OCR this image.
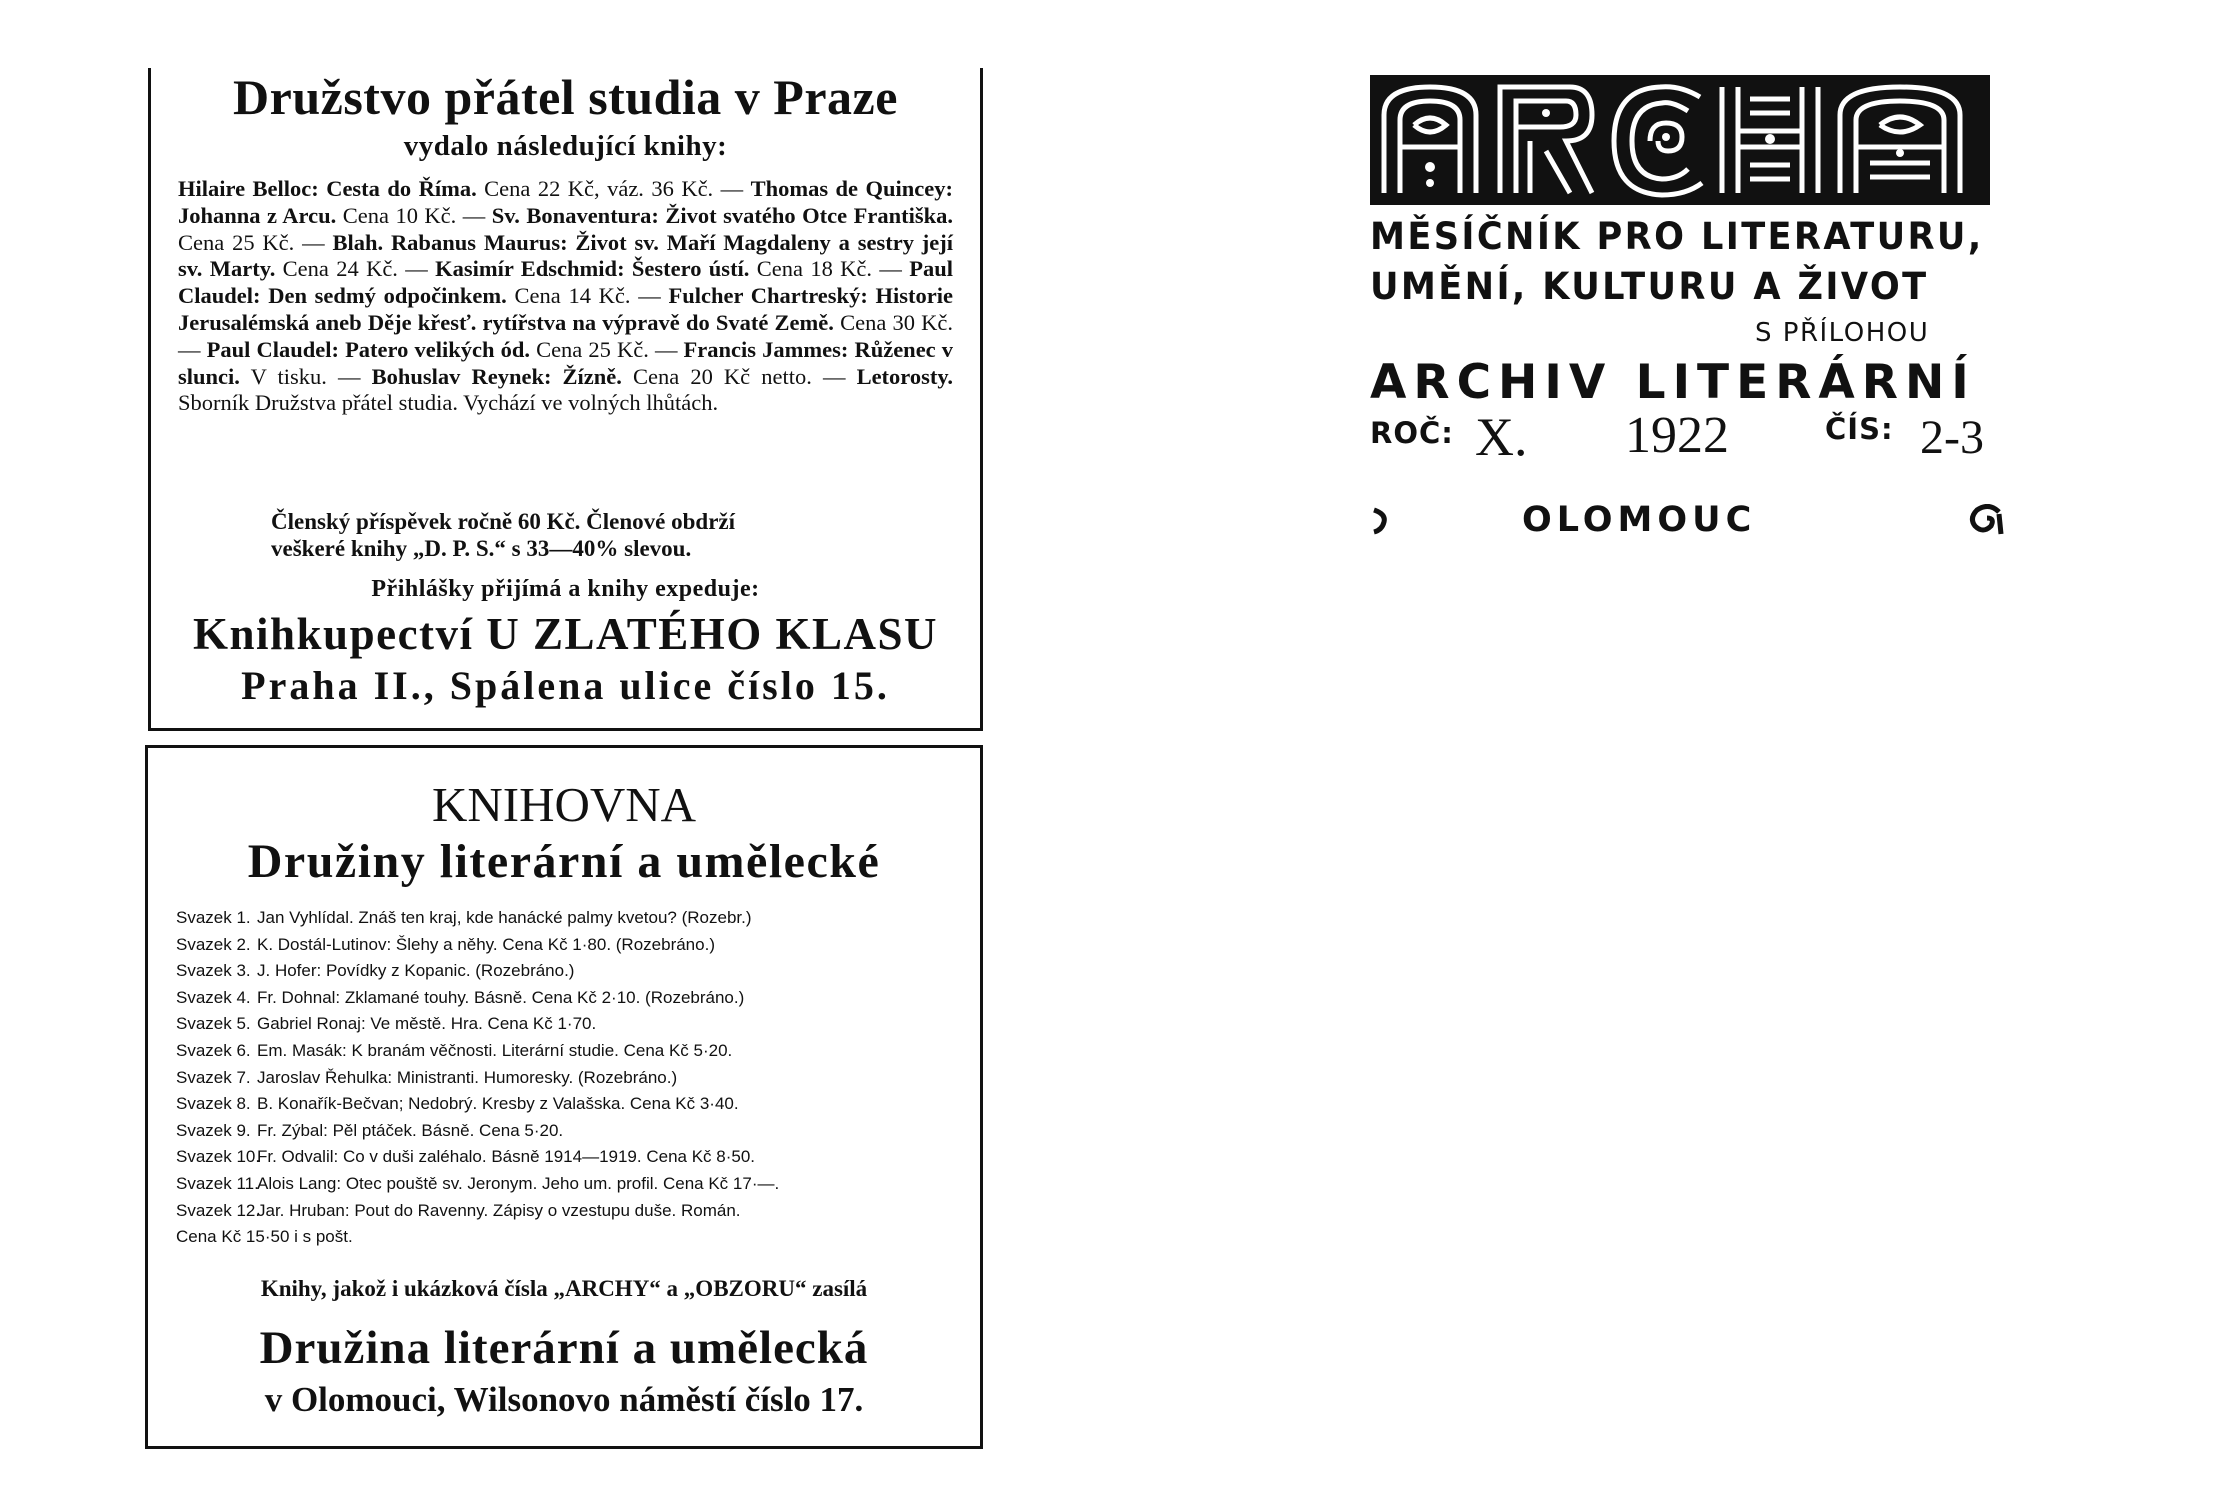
Družstvo přátel studia v Praze
vydalo následující knihy:
Hilaire Belloc: Cesta do Říma. Cena 22 Kč, váz. 36 Kč. — Thomas de Quincey: Johanna z Arcu. Cena 10 Kč. — Sv. Bonaventura: Život svatého Otce Františka. Cena 25 Kč. — Blah. Rabanus Maurus: Život sv. Maří Magdaleny a sestry její sv. Marty. Cena 24 Kč. — Kasimír Edschmid: Šestero ústí. Cena 18 Kč. — Paul Claudel: Den sedmý odpočinkem. Cena 14 Kč. — Fulcher Chartreský: Historie Jerusalémská aneb Děje křesť. rytířstva na výpravě do Svaté Země. Cena 30 Kč. — Paul Claudel: Patero velikých ód. Cena 25 Kč. — Francis Jammes: Růženec v slunci. V tisku. — Bohuslav Reynek: Žízně. Cena 20 Kč netto. — Letorosty. Sborník Družstva přátel studia. Vychází ve volných lhůtách.
Členský příspěvek ročně 60 Kč. Členové obdrží
veškeré knihy „D. P. S.“ s 33—40% slevou.
Přihlášky přijímá a knihy expeduje:
Knihkupectví U ZLATÉHO KLASU
Praha II., Spálena ulice číslo 15.
KNIHOVNA
Družiny literární a umělecké
Svazek 1. Jan Vyhlídal. Znáš ten kraj, kde hanácké palmy kvetou? (Rozebr.)
Svazek 2. K. Dostál-Lutinov: Šlehy a něhy. Cena Kč 1·80. (Rozebráno.)
Svazek 3. J. Hofer: Povídky z Kopanic. (Rozebráno.)
Svazek 4. Fr. Dohnal: Zklamané touhy. Básně. Cena Kč 2·10. (Rozebráno.)
Svazek 5. Gabriel Ronaj: Ve městě. Hra. Cena Kč 1·70.
Svazek 6. Em. Masák: K branám věčnosti. Literární studie. Cena Kč 5·20.
Svazek 7. Jaroslav Řehulka: Ministranti. Humoresky. (Rozebráno.)
Svazek 8. B. Konařík-Bečvan; Nedobrý. Kresby z Valašska. Cena Kč 3·40.
Svazek 9. Fr. Zýbal: Pěl ptáček. Básně. Cena 5·20.
Svazek 10.
Fr. Odvalil: Co v duši zaléhalo. Básně 1914—1919. Cena Kč 8·50.
Svazek 11.
Alois Lang: Otec pouště sv. Jeronym. Jeho um. profil. Cena Kč 17·—.
Svazek 12.
Jar. Hruban: Pout do Ravenny. Zápisy o vzestupu duše. Román.
Cena Kč 15·50 i s pošt.
Knihy, jakož i ukázková čísla „ARCHY“ a „OBZORU“ zasílá
Družina literární a umělecká
v Olomouci, Wilsonovo náměstí číslo 17.
MĚSÍČNÍK PRO LITERATURU,
UMĚNÍ, KULTURU A ŽIVOT
S PŘÍLOHOU
ARCHIV LITERÁRNÍ
ROČ: X. 1922	ČÍS: 2-3
OLOMOUC
